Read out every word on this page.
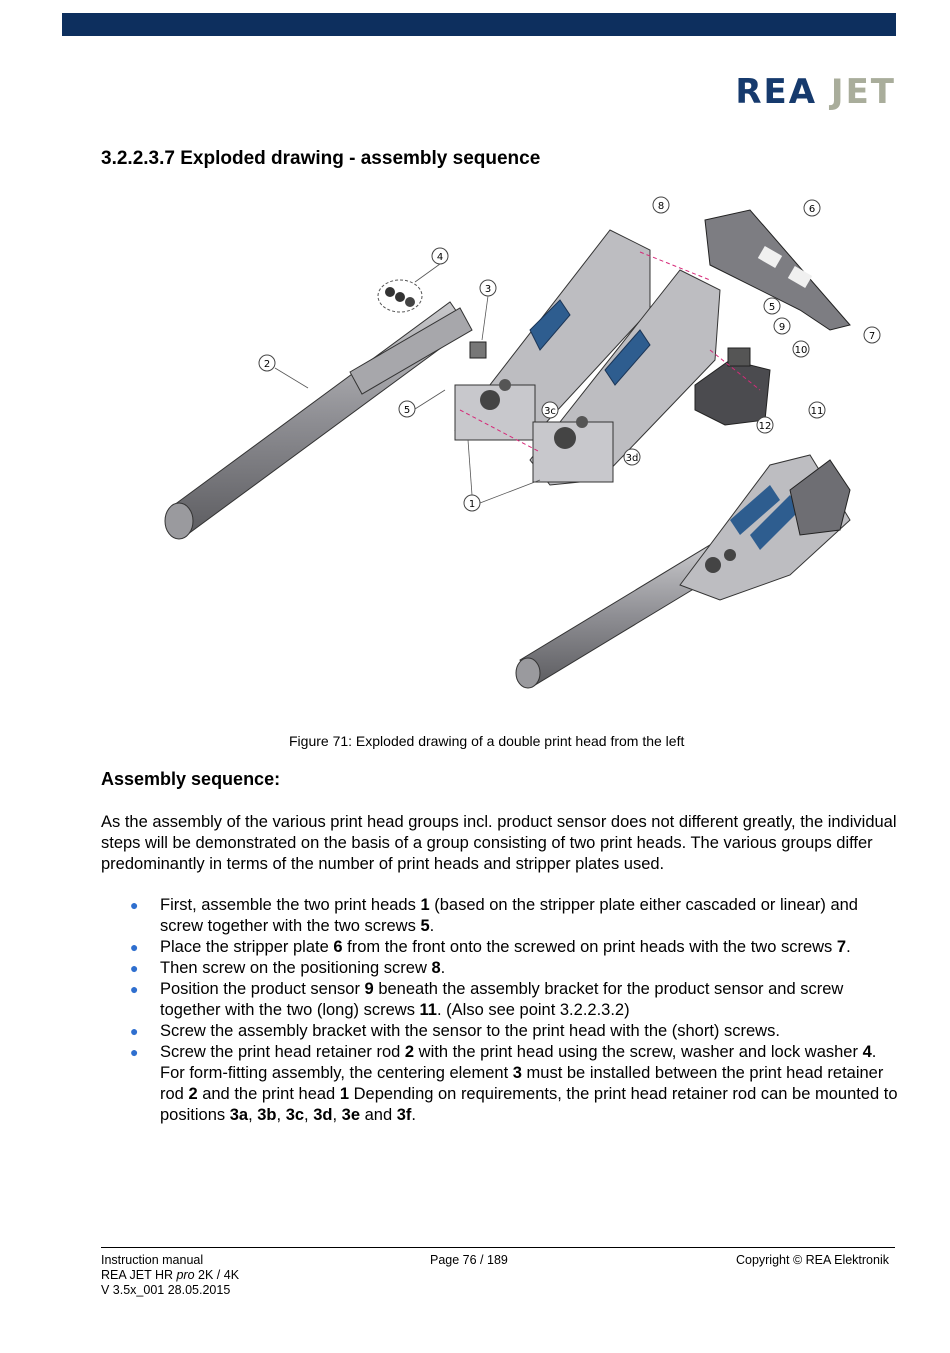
REA JET
3.2.2.3.7 Exploded drawing - assembly sequence
8	6
4
3
5
9
7
10
2
5	3c	11
12
3d
1
Figure 71: Exploded drawing of a double print head from the left
Assembly sequence:

As the assembly of the various print head groups incl. product sensor does not different greatly, the individual steps will be demonstrated on the basis of a group consisting of two print heads. The various groups differ predominantly in terms of the number of print heads and stripper plates used.

● First, assemble the two print heads 1 (based on the stripper plate either cascaded or linear) and screw together with the two screws 5.
● Place the stripper plate 6 from the front onto the screwed on print heads with the two screws 7.
● Then screw on the positioning screw 8.
● Position the product sensor 9 beneath the assembly bracket for the product sensor and screw together with the two (long) screws 11. (Also see point 3.2.2.3.2)
● Screw the assembly bracket with the sensor to the print head with the (short) screws.
● Screw the print head retainer rod 2 with the print head using the screw, washer and lock washer 4. For form-fitting assembly, the centering element 3 must be installed between the print head retainer rod 2 and the print head 1 Depending on requirements, the print head retainer rod can be mounted to positions 3a, 3b, 3c, 3d, 3e and 3f.
Instruction manual
REA JET HR pro 2K / 4K
V 3.5x_001 28.05.2015
Page 76 / 189	Copyright © REA Elektronik
